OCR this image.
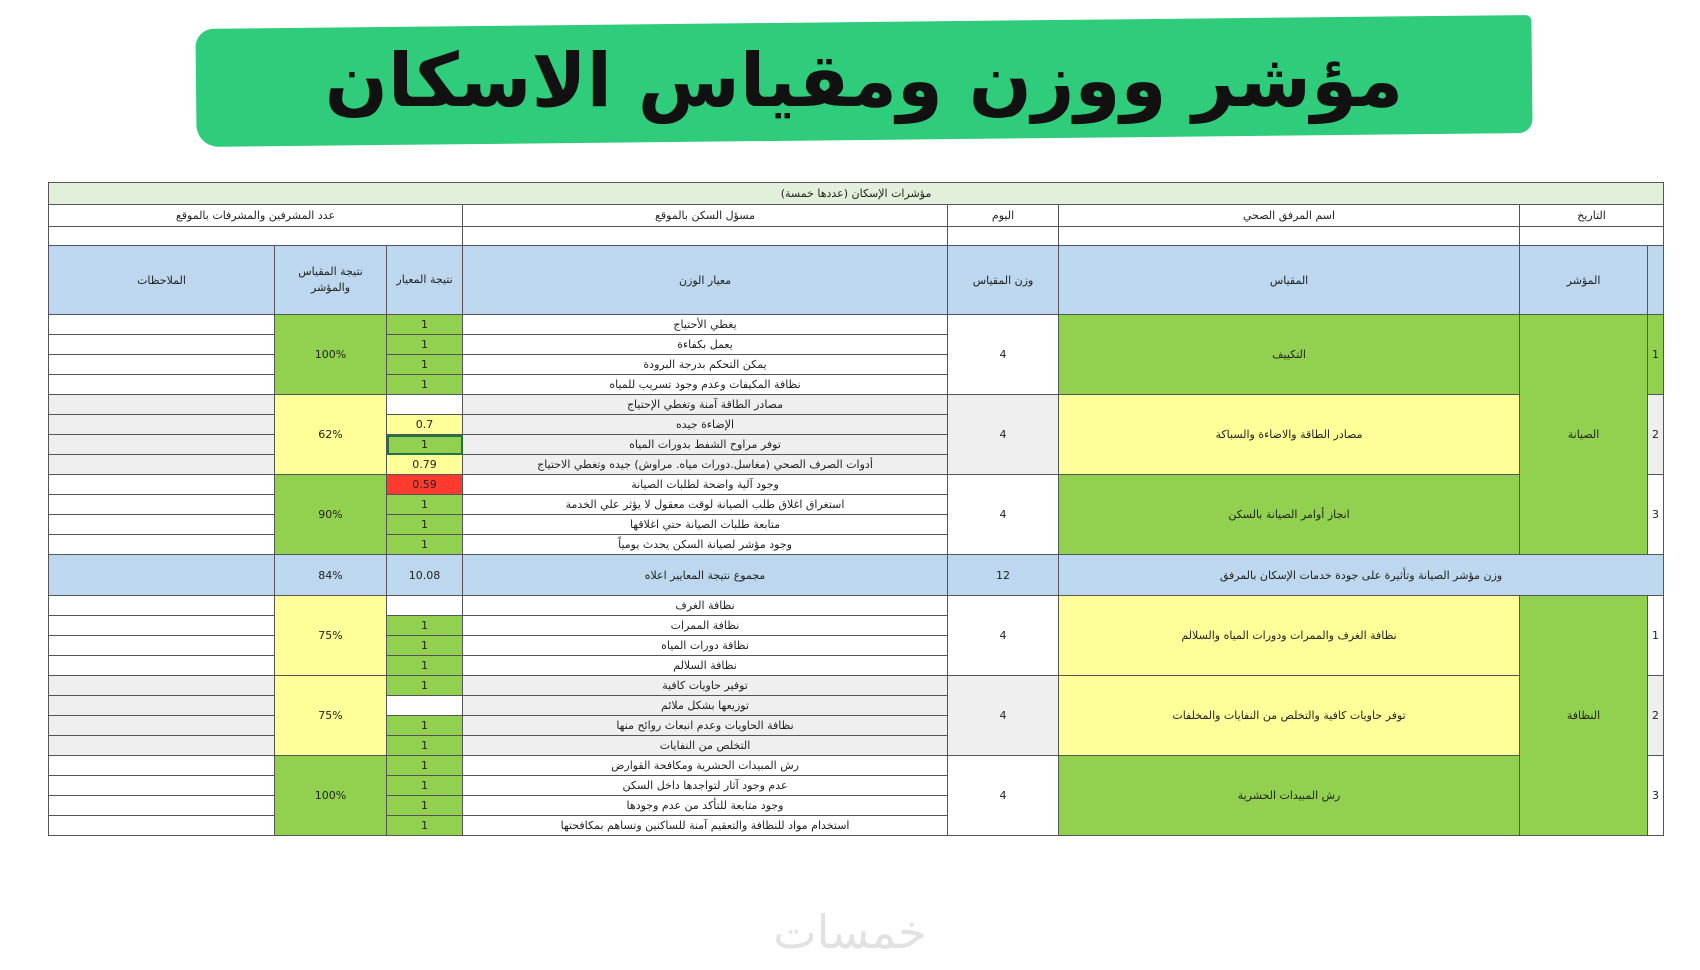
مؤشر ووزن ومقياس الاسكان
مؤشرات الإسكان (عددها خمسة)							
التاريخ		اسم المرفق الصحي	اليوم	مسؤل السكن بالموقع	عدد المشرفين والمشرفات بالموقع		

	المؤشر	المقياس	وزن المقياس	معيار الوزن	نتيجة المعيار	نتيجة المقياس والمؤشر	الملاحظات
1	الصيانة	التكييف	4	يغطي الأحتياج	1	100%	
				يعمل بكفاءة	1		
				يمكن التحكم بدرجة البرودة	1		
				نظافة المكيفات وعدم وجود تسريب للمياه	1		
2		مصادر الطاقة والاضاءة والسباكة	4	مصادر الطاقة آمنة وتغطي الإحتياج		62%	
				الإضاءة جيده	0.7		
				توفر مراوح الشفط بدورات المياه	1		
				أدوات الصرف الصحي (مغاسل.دورات مياه. مراوش) جيده وتغطي الاحتياج	0.79		
3		انجاز أوامر الصيانة بالسكن	4	وجود آلية واضحة لطلبات الصيانة	0.59	90%	
				استغراق اغلاق طلب الصيانة لوقت معقول لا يؤثر علي الخدمة	1		
				متابعة طلبات الصيانة حتي اغلاقها	1		
				وجود مؤشر لصيانة السكن يحدث يومياً	1		
وزن مؤشر الصيانة وتأثيرة على جودة خدمات الإسكان بالمرفق			12	مجموع نتيجة المعايير اعلاه	10.08	84%	
1	النظافة	نظافة الغرف والممرات ودورات المياه والسلالم	4	نظافة الغرف		75%	
				نظافة الممرات	1		
				نظافة دورات المياه	1		
				نظافة السلالم	1		
2		توفر حاويات كافية والتخلص من النفايات والمخلفات	4	توفير حاويات كافية	1	75%	
				توزيعها بشكل ملائم			
				نظافة الحاويات وعدم انبعاث روائح منها	1		
				التخلص من النفايات	1		
3		رش المبيدات الحشرية	4	رش المبيدات الحشرية ومكافحة القوارض	1	100%	
				عدم وجود آثار لتواجدها داخل السكن	1		
				وجود متابعة للتأكد من عدم وجودها	1		
				استخدام مواد للنظافة والتعقيم آمنة للساكنين وتساهم بمكافحتها	1		
خمسات
